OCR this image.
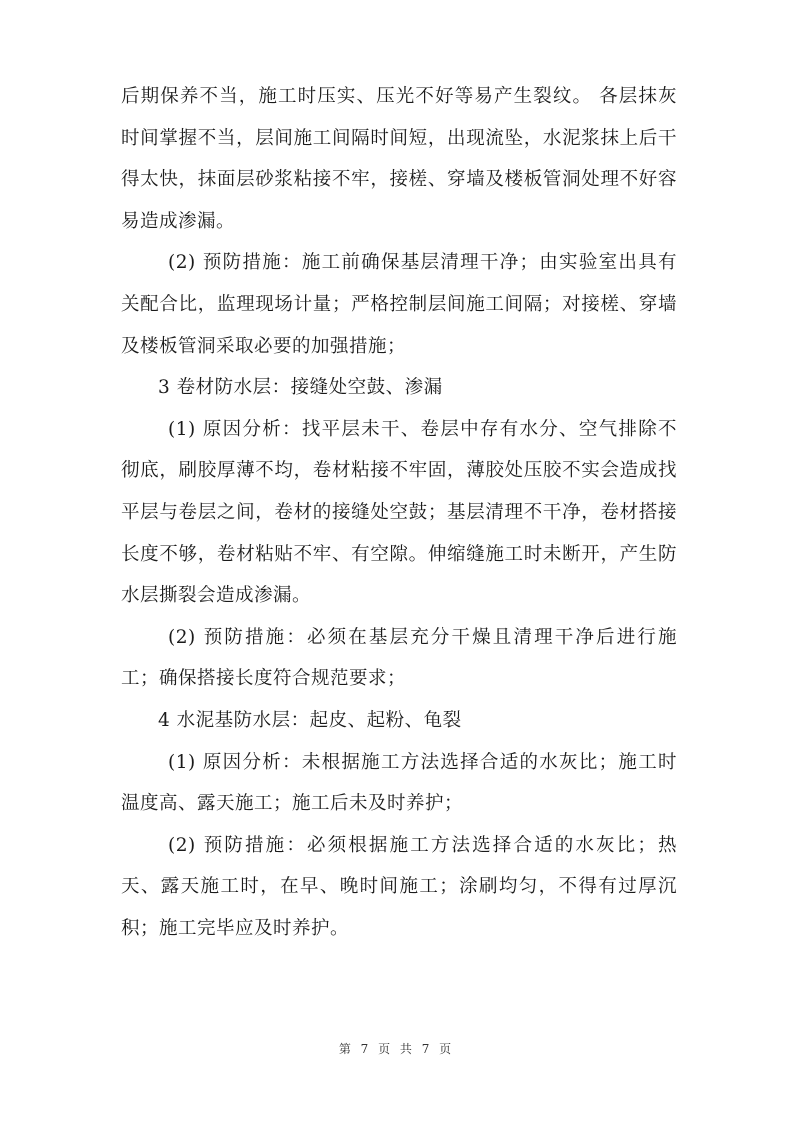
后期保养不当，施工时压实、压光不好等易产生裂纹。 各层抹灰时间掌握不当，层间施工间隔时间短，出现流坠，水泥浆抹上后干得太快，抹面层砂浆粘接不牢，接槎、穿墙及楼板管洞处理不好容易造成渗漏。

(2) 预防措施：施工前确保基层清理干净；由实验室出具有关配合比，监理现场计量；严格控制层间施工间隔；对接槎、穿墙及楼板管洞采取必要的加强措施；

3 卷材防水层：接缝处空鼓、渗漏

(1) 原因分析：找平层未干、卷层中存有水分、空气排除不彻底，刷胶厚薄不均，卷材粘接不牢固，薄胶处压胶不实会造成找平层与卷层之间，卷材的接缝处空鼓；基层清理不干净，卷材搭接长度不够，卷材粘贴不牢、有空隙。伸缩缝施工时未断开，产生防水层撕裂会造成渗漏。

(2) 预防措施：必须在基层充分干燥且清理干净后进行施工；确保搭接长度符合规范要求；

4 水泥基防水层：起皮、起粉、龟裂

(1) 原因分析：未根据施工方法选择合适的水灰比；施工时温度高、露天施工；施工后未及时养护；

(2) 预防措施：必须根据施工方法选择合适的水灰比；热天、露天施工时，在早、晚时间施工；涂刷均匀，不得有过厚沉积；施工完毕应及时养护。

第 7 页 共 7 页
